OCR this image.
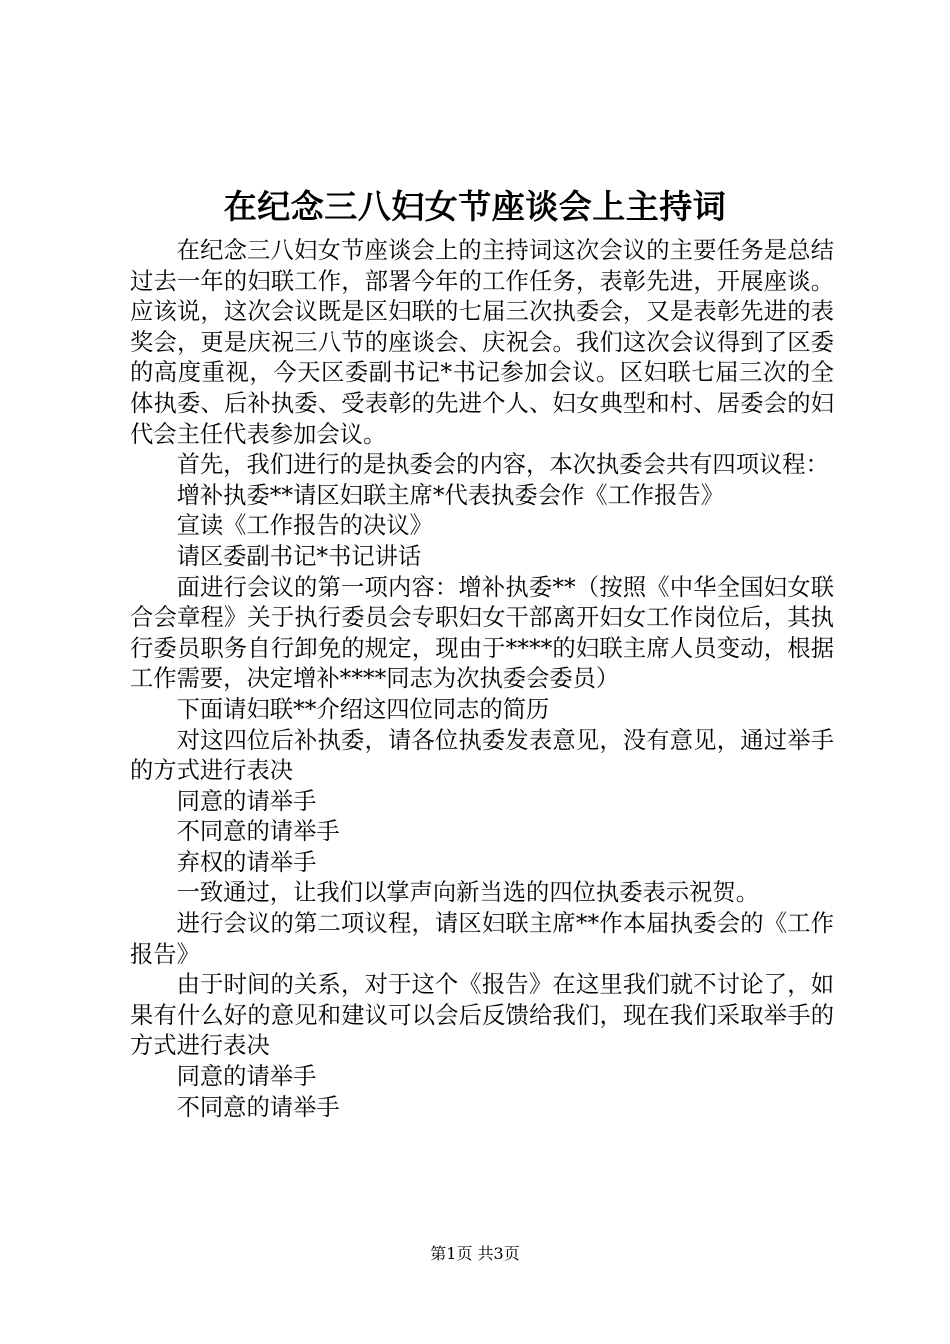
在纪念三八妇女节座谈会上主持词

在纪念三八妇女节座谈会上的主持词这次会议的主要任务是总结过去一年的妇联工作，部署今年的工作任务，表彰先进，开展座谈。应该说，这次会议既是区妇联的七届三次执委会，又是表彰先进的表奖会，更是庆祝三八节的座谈会、庆祝会。我们这次会议得到了区委的高度重视，今天区委副书记*书记参加会议。区妇联七届三次的全体执委、后补执委、受表彰的先进个人、妇女典型和村、居委会的妇代会主任代表参加会议。

首先，我们进行的是执委会的内容，本次执委会共有四项议程：

增补执委**请区妇联主席*代表执委会作《工作报告》

宣读《工作报告的决议》

请区委副书记*书记讲话

面进行会议的第一项内容：增补执委**（按照《中华全国妇女联合会章程》关于执行委员会专职妇女干部离开妇女工作岗位后，其执行委员职务自行卸免的规定，现由于****的妇联主席人员变动，根据工作需要，决定增补****同志为次执委会委员）

下面请妇联**介绍这四位同志的简历

对这四位后补执委，请各位执委发表意见，没有意见，通过举手的方式进行表决

同意的请举手

不同意的请举手

弃权的请举手

一致通过，让我们以掌声向新当选的四位执委表示祝贺。

进行会议的第二项议程，请区妇联主席**作本届执委会的《工作报告》

由于时间的关系，对于这个《报告》在这里我们就不讨论了，如果有什么好的意见和建议可以会后反馈给我们，现在我们采取举手的方式进行表决

同意的请举手

不同意的请举手

第1页 共3页
